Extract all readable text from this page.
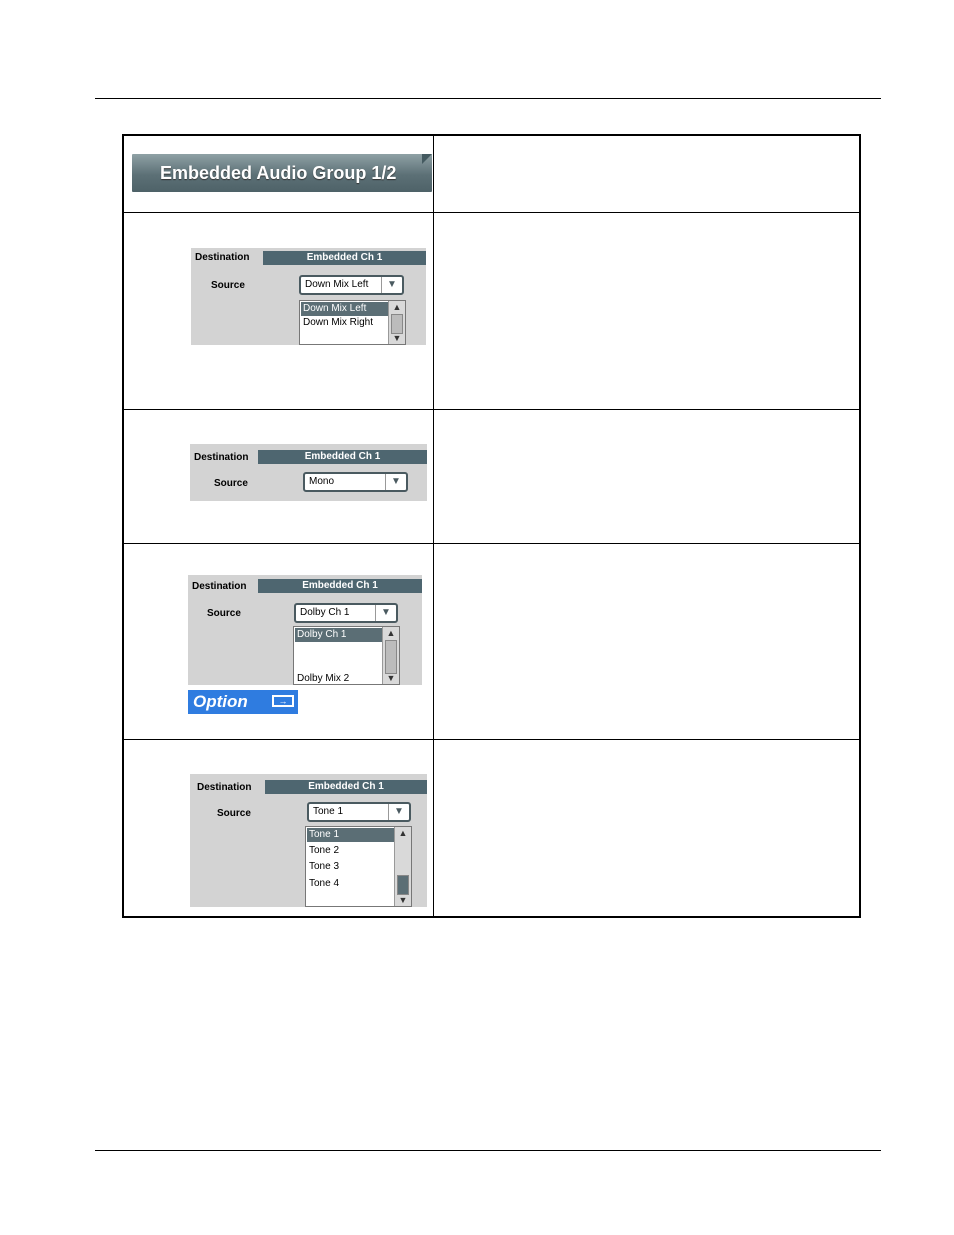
Embedded Audio Group 1/2
Destination	Embedded Ch 1
Source	Down Mix Left	▼
Down Mix Left
Down Mix Right
▲
▼
Destination	Embedded Ch 1
Source	Mono	▼
Destination	Embedded Ch 1
Source	Dolby Ch 1	▼
Dolby Ch 1
Dolby Mix 2
▲
▼
Option	→
Destination	Embedded Ch 1
Source	Tone 1	▼
Tone 1
Tone 2
Tone 3
Tone 4
▲
▼
